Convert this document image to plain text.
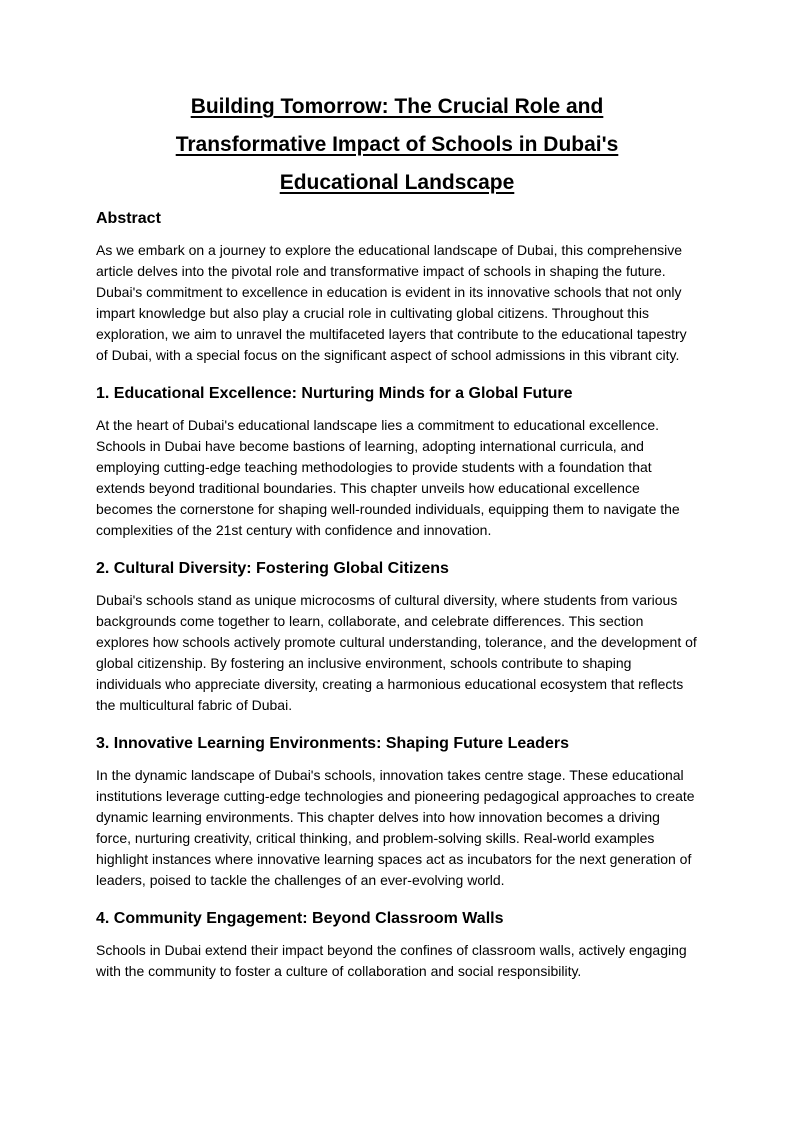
Building Tomorrow: The Crucial Role and
Transformative Impact of Schools in Dubai's
Educational Landscape
Abstract

As we embark on a journey to explore the educational landscape of Dubai, this comprehensive article delves into the pivotal role and transformative impact of schools in shaping the future. Dubai's commitment to excellence in education is evident in its innovative schools that not only impart knowledge but also play a crucial role in cultivating global citizens. Throughout this exploration, we aim to unravel the multifaceted layers that contribute to the educational tapestry of Dubai, with a special focus on the significant aspect of school admissions in this vibrant city.

1. Educational Excellence: Nurturing Minds for a Global Future

At the heart of Dubai's educational landscape lies a commitment to educational excellence. Schools in Dubai have become bastions of learning, adopting international curricula, and employing cutting-edge teaching methodologies to provide students with a foundation that extends beyond traditional boundaries. This chapter unveils how educational excellence becomes the cornerstone for shaping well-rounded individuals, equipping them to navigate the complexities of the 21st century with confidence and innovation.

2. Cultural Diversity: Fostering Global Citizens

Dubai's schools stand as unique microcosms of cultural diversity, where students from various backgrounds come together to learn, collaborate, and celebrate differences. This section explores how schools actively promote cultural understanding, tolerance, and the development of global citizenship. By fostering an inclusive environment, schools contribute to shaping individuals who appreciate diversity, creating a harmonious educational ecosystem that reflects the multicultural fabric of Dubai.

3. Innovative Learning Environments: Shaping Future Leaders

In the dynamic landscape of Dubai's schools, innovation takes centre stage. These educational institutions leverage cutting-edge technologies and pioneering pedagogical approaches to create dynamic learning environments. This chapter delves into how innovation becomes a driving force, nurturing creativity, critical thinking, and problem-solving skills. Real-world examples highlight instances where innovative learning spaces act as incubators for the next generation of leaders, poised to tackle the challenges of an ever-evolving world.

4. Community Engagement: Beyond Classroom Walls

Schools in Dubai extend their impact beyond the confines of classroom walls, actively engaging with the community to foster a culture of collaboration and social responsibility.
